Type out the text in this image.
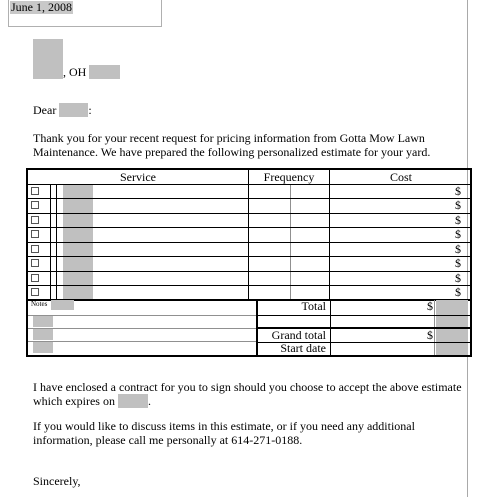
June 1, 2008
, OH
Dear	:
Thank you for your recent request for pricing information from Gotta Mow Lawn
Maintenance. We have prepared the following personalized estimate for your yard.
Service	Frequency	Cost
$
$
$
$
$
$
$
$
Notes	Total	$
Grand total	$
Start date
I have enclosed a contract for you to sign should you choose to accept the above estimate
which expires on	.
If you would like to discuss items in this estimate, or if you need any additional
information, please call me personally at 614-271-0188.
Sincerely,
